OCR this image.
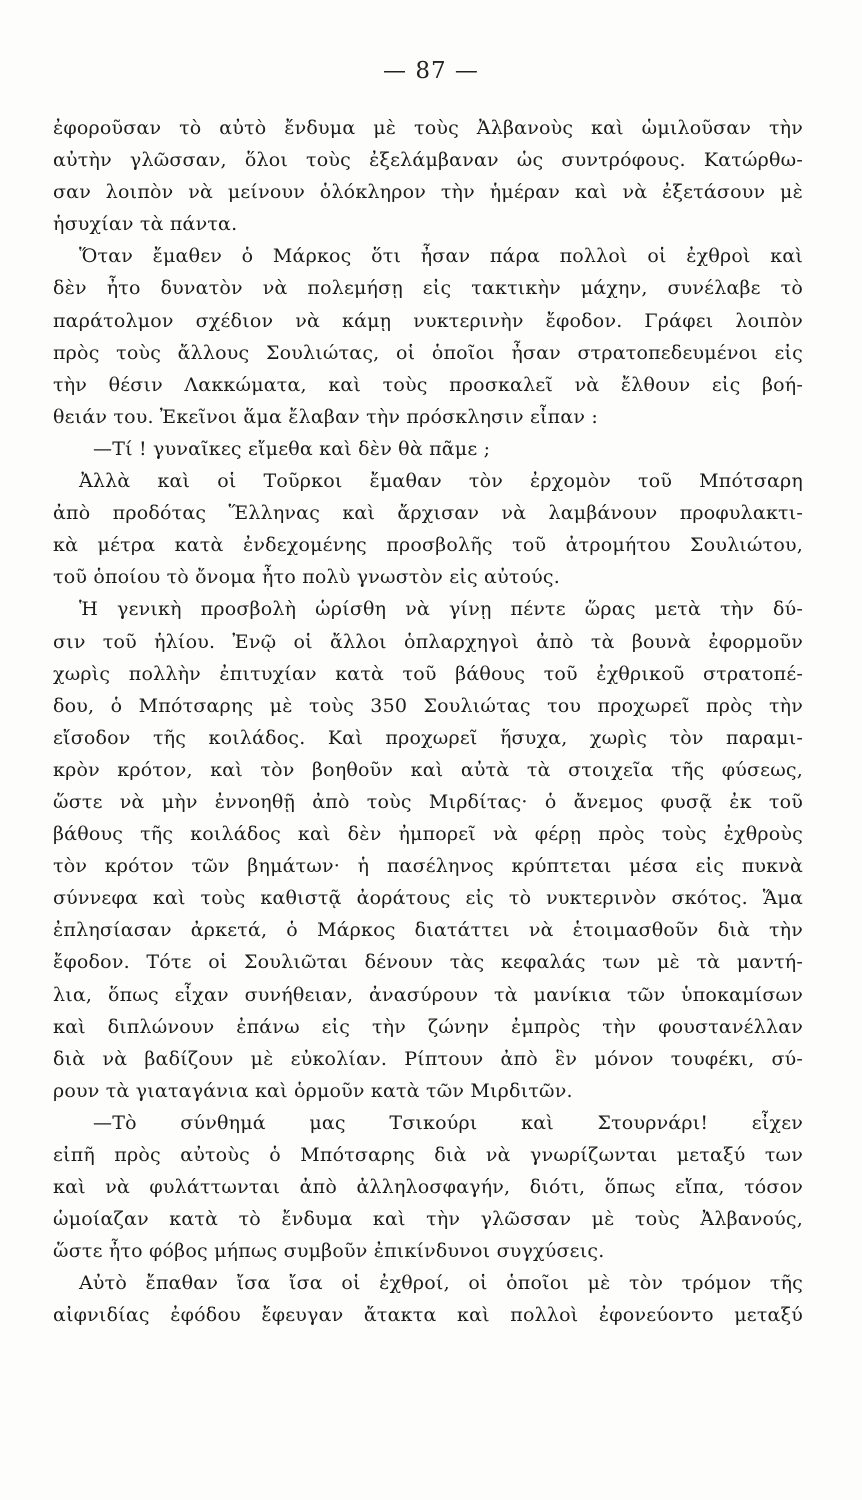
— 87 —
ἐφοροῦσαν τὸ αὐτὸ ἔνδυμα μὲ τοὺς Ἀλβανοὺς καὶ ὡμιλοῦσαν τὴν
αὐτὴν γλῶσσαν, ὅλοι τοὺς ἐξελάμβαναν ὡς συντρόφους. Κατώρθω-
σαν λοιπὸν νὰ μείνουν ὁλόκληρον τὴν ἡμέραν καὶ νὰ ἐξετάσουν μὲ
ἡσυχίαν τὰ πάντα.
Ὅταν ἔμαθεν ὁ Μάρκος ὅτι ἦσαν πάρα πολλοὶ οἱ ἐχθροὶ καὶ
δὲν ἦτο δυνατὸν νὰ πολεμήσῃ εἰς τακτικὴν μάχην, συνέλαβε τὸ
παράτολμον σχέδιον νὰ κάμῃ νυκτερινὴν ἔφοδον. Γράφει λοιπὸν
πρὸς τοὺς ἄλλους Σουλιώτας, οἱ ὁποῖοι ἦσαν στρατοπεδευμένοι εἰς
τὴν θέσιν Λακκώματα, καὶ τοὺς προσκαλεῖ νὰ ἔλθουν εἰς βοή-
θειάν του. Ἐκεῖνοι ἅμα ἔλαβαν τὴν πρόσκλησιν εἶπαν :
—Τί ! γυναῖκες εἴμεθα καὶ δὲν θὰ πᾶμε ;
Ἀλλὰ καὶ οἱ Τοῦρκοι ἔμαθαν τὸν ἐρχομὸν τοῦ Μπότσαρη
ἀπὸ προδότας Ἕλληνας καὶ ἄρχισαν νὰ λαμβάνουν προφυλακτι-
κὰ μέτρα κατὰ ἐνδεχομένης προσβολῆς τοῦ ἀτρομήτου Σουλιώτου,
τοῦ ὁποίου τὸ ὄνομα ἦτο πολὺ γνωστὸν εἰς αὐτούς.
Ἡ γενικὴ προσβολὴ ὡρίσθη νὰ γίνῃ πέντε ὥρας μετὰ τὴν δύ-
σιν τοῦ ἡλίου. Ἐνῷ οἱ ἄλλοι ὁπλαρχηγοὶ ἀπὸ τὰ βουνὰ ἐφορμοῦν
χωρὶς πολλὴν ἐπιτυχίαν κατὰ τοῦ βάθους τοῦ ἐχθρικοῦ στρατοπέ-
δου, ὁ Μπότσαρης μὲ τοὺς 350 Σουλιώτας του προχωρεῖ πρὸς τὴν
εἴσοδον τῆς κοιλάδος. Καὶ προχωρεῖ ἥσυχα, χωρὶς τὸν παραμι-
κρὸν κρότον, καὶ τὸν βοηθοῦν καὶ αὐτὰ τὰ στοιχεῖα τῆς φύσεως,
ὥστε νὰ μὴν ἐννοηθῇ ἀπὸ τοὺς Μιρδίτας· ὁ ἄνεμος φυσᾷ ἐκ τοῦ
βάθους τῆς κοιλάδος καὶ δὲν ἠμπορεῖ νὰ φέρῃ πρὸς τοὺς ἐχθροὺς
τὸν κρότον τῶν βημάτων· ἡ πασέληνος κρύπτεται μέσα εἰς πυκνὰ
σύννεφα καὶ τοὺς καθιστᾷ ἀοράτους εἰς τὸ νυκτερινὸν σκότος. Ἅμα
ἐπλησίασαν ἀρκετά, ὁ Μάρκος διατάττει νὰ ἑτοιμασθοῦν διὰ τὴν
ἔφοδον. Τότε οἱ Σουλιῶται δένουν τὰς κεφαλάς των μὲ τὰ μαντή-
λια, ὅπως εἶχαν συνήθειαν, ἀνασύρουν τὰ μανίκια τῶν ὑποκαμίσων
καὶ διπλώνουν ἐπάνω εἰς τὴν ζώνην ἐμπρὸς τὴν φουστανέλλαν
διὰ νὰ βαδίζουν μὲ εὐκολίαν. Ρίπτουν ἀπὸ ἓν μόνον τουφέκι, σύ-
ρουν τὰ γιαταγάνια καὶ ὁρμοῦν κατὰ τῶν Μιρδιτῶν.
—Τὸ σύνθημά μας Τσικούρι καὶ Στουρνάρι! εἶχεν
εἰπῆ πρὸς αὐτοὺς ὁ Μπότσαρης διὰ νὰ γνωρίζωνται μεταξύ των
καὶ νὰ φυλάττωνται ἀπὸ ἀλληλοσφαγήν, διότι, ὅπως εἴπα, τόσον
ὡμοίαζαν κατὰ τὸ ἔνδυμα καὶ τὴν γλῶσσαν μὲ τοὺς Ἀλβανούς,
ὥστε ἦτο φόβος μήπως συμβοῦν ἐπικίνδυνοι συγχύσεις.
Αὐτὸ ἔπαθαν ἴσα ἴσα οἱ ἐχθροί, οἱ ὁποῖοι μὲ τὸν τρόμον τῆς
αἰφνιδίας ἐφόδου ἔφευγαν ἄτακτα καὶ πολλοὶ ἐφονεύοντο μεταξύ
